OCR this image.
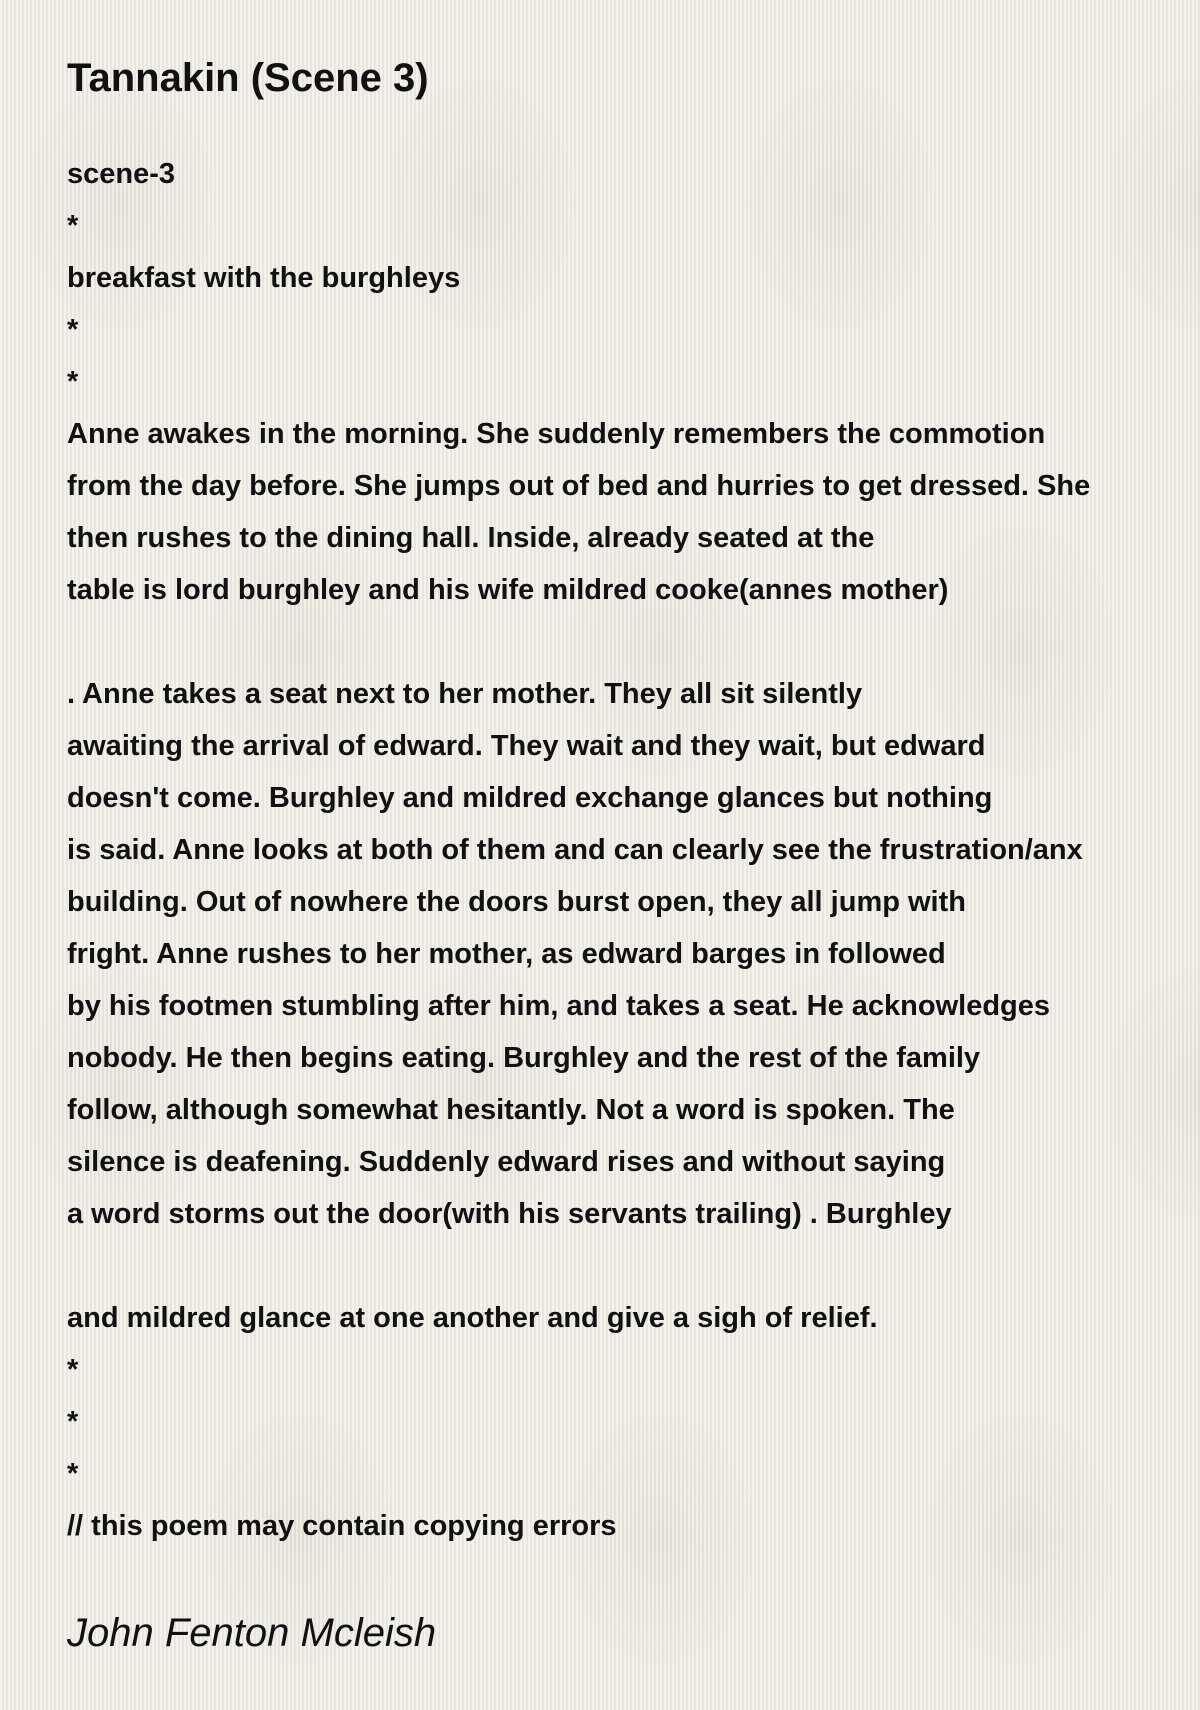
Tannakin (Scene 3)
scene-3
*
breakfast with the burghleys
*
*
Anne awakes in the morning. She suddenly remembers the commotion
from the day before. She jumps out of bed and hurries to get dressed. She
then rushes to the dining hall. Inside, already seated at the
table is lord burghley and his wife mildred cooke(annes mother)
. Anne takes a seat next to her mother. They all sit silently
awaiting the arrival of edward. They wait and they wait, but edward
doesn't come. Burghley and mildred exchange glances but nothing
is said. Anne looks at both of them and can clearly see the frustration/anx
building. Out of nowhere the doors burst open, they all jump with
fright. Anne rushes to her mother, as edward barges in followed
by his footmen stumbling after him, and takes a seat. He acknowledges
nobody. He then begins eating. Burghley and the rest of the family
follow, although somewhat hesitantly. Not a word is spoken. The
silence is deafening. Suddenly edward rises and without saying
a word storms out the door(with his servants trailing) . Burghley
and mildred glance at one another and give a sigh of relief.
*
*
*
// this poem may contain copying errors
John Fenton Mcleish
